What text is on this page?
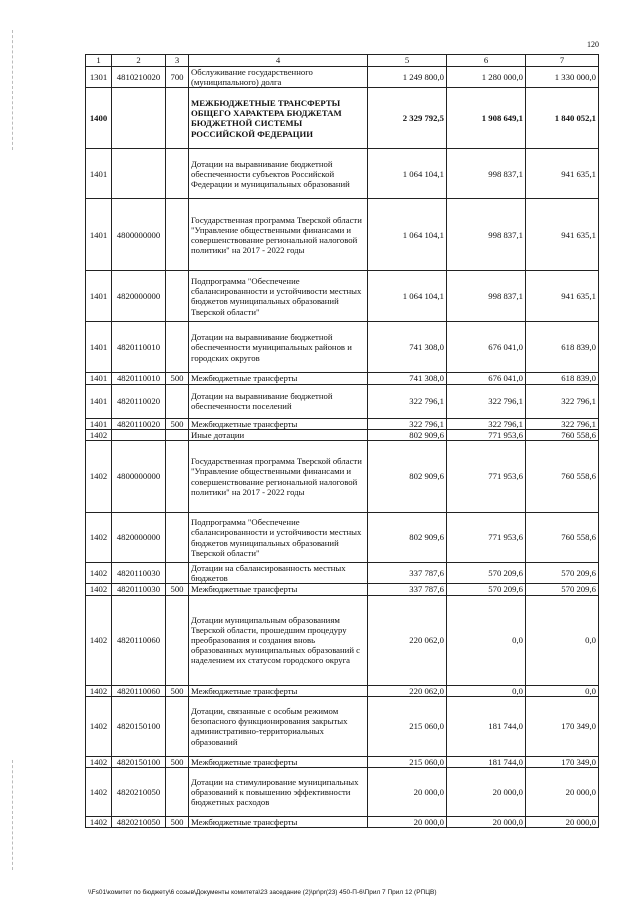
120
1	2	3	4	5	6	7
1301	4810210020	700	Обслуживание государственного (муниципального) долга	1 249 800,0	1 280 000,0	1 330 000,0
1400			МЕЖБЮДЖЕТНЫЕ ТРАНСФЕРТЫ ОБЩЕГО ХАРАКТЕРА БЮДЖЕТАМ БЮДЖЕТНОЙ СИСТЕМЫ РОССИЙСКОЙ ФЕДЕРАЦИИ	2 329 792,5	1 908 649,1	1 840 052,1
1401			Дотации на выравнивание бюджетной обеспеченности субъектов Российской Федерации и муниципальных образований	1 064 104,1	998 837,1	941 635,1
1401	4800000000		Государственная программа Тверской области "Управление общественными финансами и совершенствование региональной налоговой политики" на 2017 - 2022 годы	1 064 104,1	998 837,1	941 635,1
1401	4820000000		Подпрограмма "Обеспечение сбалансированности и устойчивости местных бюджетов муниципальных образований Тверской области"	1 064 104,1	998 837,1	941 635,1
1401	4820110010		Дотации на выравнивание бюджетной обеспеченности муниципальных районов и городских округов	741 308,0	676 041,0	618 839,0
1401	4820110010	500	Межбюджетные трансферты	741 308,0	676 041,0	618 839,0
1401	4820110020		Дотации на выравнивание бюджетной обеспеченности поселений	322 796,1	322 796,1	322 796,1
1401	4820110020	500	Межбюджетные трансферты	322 796,1	322 796,1	322 796,1
1402			Иные дотации	802 909,6	771 953,6	760 558,6
1402	4800000000		Государственная программа Тверской области "Управление общественными финансами и совершенствование региональной налоговой политики" на 2017 - 2022 годы	802 909,6	771 953,6	760 558,6
1402	4820000000		Подпрограмма "Обеспечение сбалансированности и устойчивости местных бюджетов муниципальных образований Тверской области"	802 909,6	771 953,6	760 558,6
1402	4820110030		Дотации на сбалансированность местных бюджетов	337 787,6	570 209,6	570 209,6
1402	4820110030	500	Межбюджетные трансферты	337 787,6	570 209,6	570 209,6
1402	4820110060		Дотации муниципальным образованиям Тверской области, прошедшим процедуру преобразования и создания вновь образованных муниципальных образований с наделением их статусом городского округа	220 062,0	0,0	0,0
1402	4820110060	500	Межбюджетные трансферты	220 062,0	0,0	0,0
1402	4820150100		Дотации, связанные с особым режимом безопасного функционирования закрытых административно-территориальных образований	215 060,0	181 744,0	170 349,0
1402	4820150100	500	Межбюджетные трансферты	215 060,0	181 744,0	170 349,0
1402	4820210050		Дотации на стимулирование муниципальных образований к повышению эффективности бюджетных расходов	20 000,0	20 000,0	20 000,0
1402	4820210050	500	Межбюджетные трансферты	20 000,0	20 000,0	20 000,0
\\Fs01\комитет по бюджету\6 созыв\Документы комитета\23 заседание (2)\pr\pr(23) 450-П-6\Прил 7 Прил 12 (РПЦВ)
